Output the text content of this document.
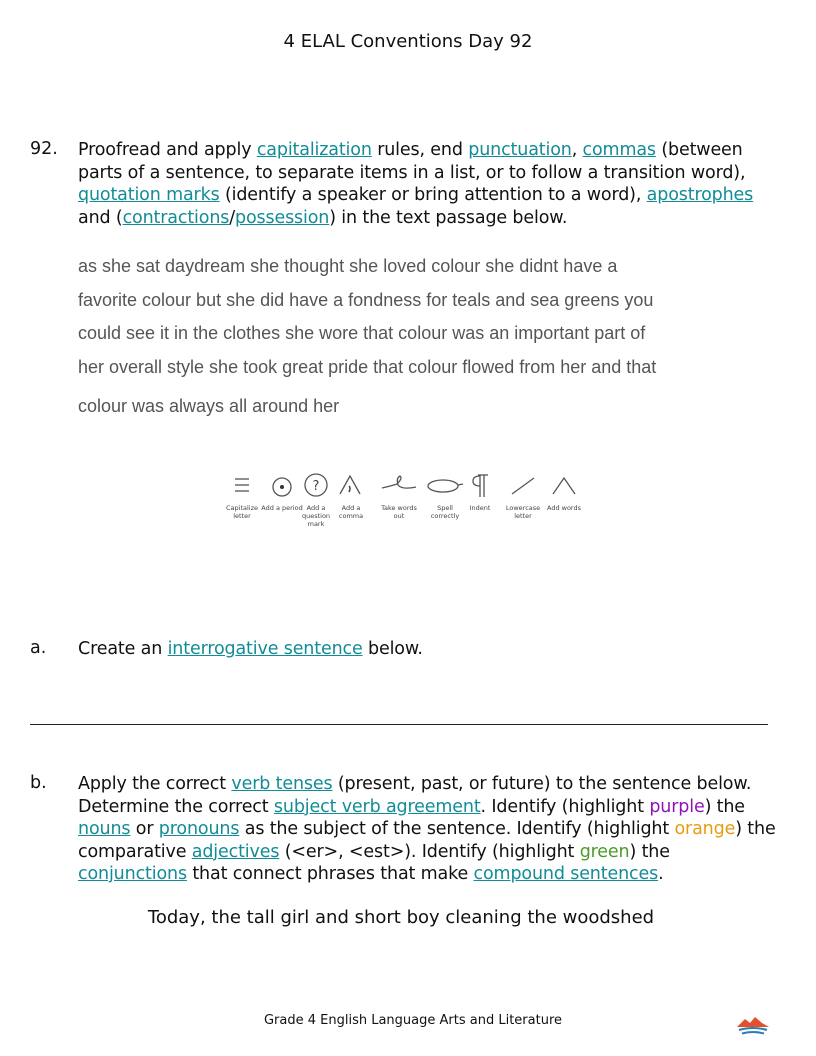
4 ELAL Conventions Day 92
92. Proofread and apply capitalization rules, end punctuation, commas (between parts of a sentence, to separate items in a list, or to follow a transition word), quotation marks (identify a speaker or bring attention to a word), apostrophes and (contractions/possession) in the text passage below.
as she sat daydream she thought she loved colour she didnt have a
favorite colour but she did have a fondness for teals and sea greens you
could see it in the clothes she wore that colour was an important part of
her overall style she took great pride that colour flowed from her and that
colour was always all around her
Capitalize letter
Add a period
?
Add a question mark
Add a comma
Take words out
Spell correctly
Indent	Lowercase letter
Add words
a. Create an interrogative sentence below.
b. Apply the correct verb tenses (present, past, or future) to the sentence below. Determine the correct subject verb agreement. Identify (highlight purple) the nouns or pronouns as the subject of the sentence. Identify (highlight orange) the comparative adjectives (<er>, <est>). Identify (highlight green) the conjunctions that connect phrases that make compound sentences.
Today, the tall girl and short boy cleaning the woodshed
Grade 4 English Language Arts and Literature
